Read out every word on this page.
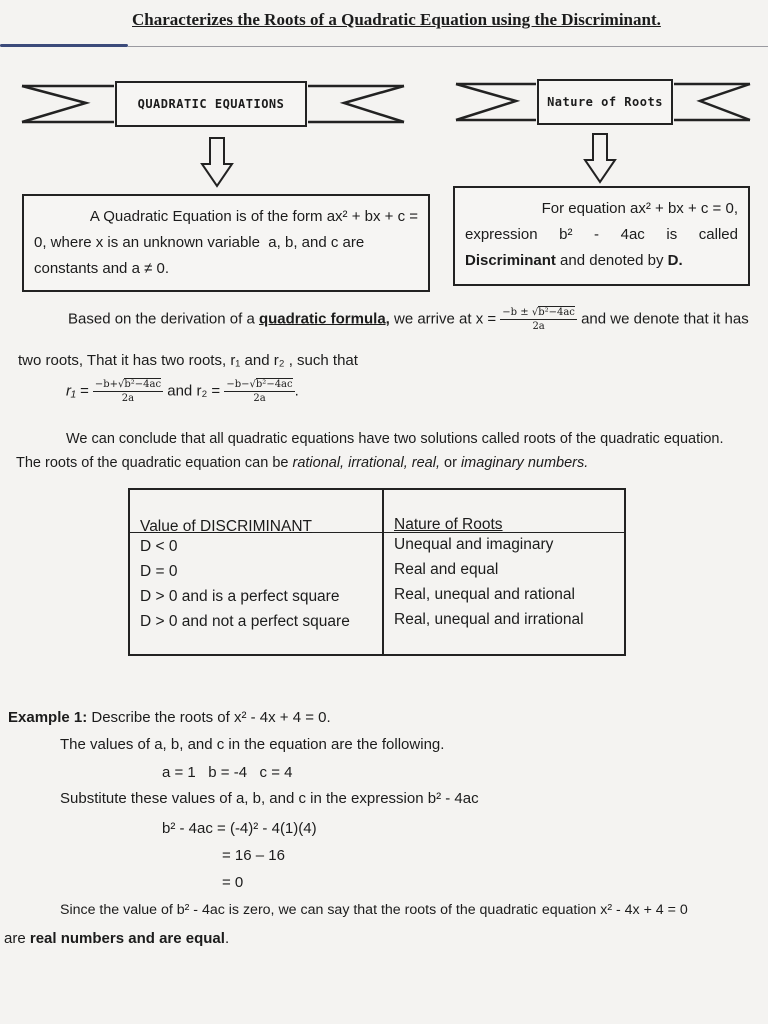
Characterizes the Roots of a Quadratic Equation using the Discriminant.
QUADRATIC EQUATIONS	Nature of Roots

A Quadratic Equation is of the form ax² + bx + c =

0, where x is an unknown variable  a, b, and c are

constants and a ≠ 0.

For equation ax² + bx + c = 0,

expression b² - 4ac is called

Discriminant and denoted by D.

Based on the derivation of a quadratic formula, we arrive at $x = \frac{\text{−b ± √b²−4ac}}{2a}$ and we denote that it has
two roots, That it has two roots, r₁ and r₂ , such that
$r_1 = \frac{\text{−b+√b²−4ac}}{2a}$ and $r_2 = \frac{\text{−b−√b²−4ac}}{2a}$ .
We can conclude that all quadratic equations have two solutions called roots of the quadratic equation.
The roots of the quadratic equation can be rational, irrational, real, or imaginary numbers.
Value of DISCRIMINANT	Nature of Roots
D < 0
D = 0
D > 0 and is a perfect square
D > 0 and not a perfect square
Unequal and imaginary
Real and equal
Real, unequal and rational
Real, unequal and irrational
Example 1: Describe the roots of x² - 4x + 4 = 0.
The values of a, b, and c in the equation are the following.
a = 1   b = -4   c = 4
Substitute these values of a, b, and c in the expression b² - 4ac
b² - 4ac = (-4)² - 4(1)(4)
= 16 – 16
= 0
Since the value of b² - 4ac is zero, we can say that the roots of the quadratic equation x² - 4x + 4 = 0
are real numbers and are equal.
